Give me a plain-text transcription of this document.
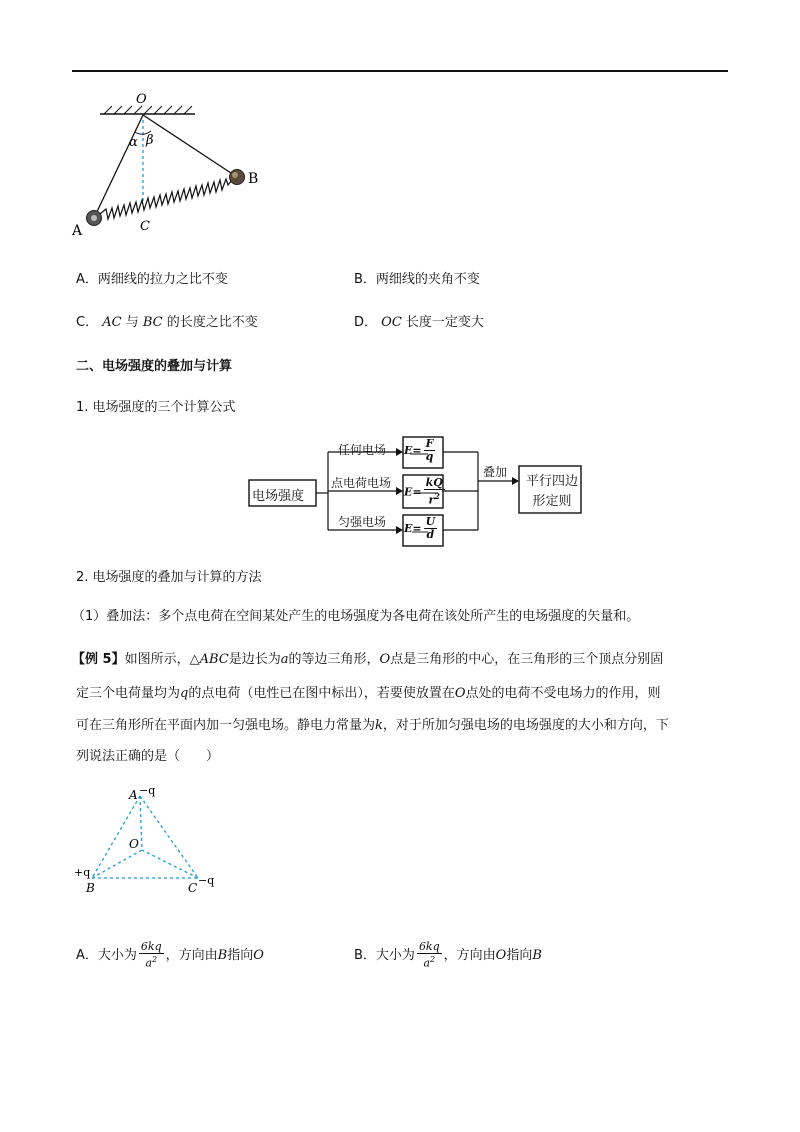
O
α β
A
B
C
A．两细线的拉力之比不变	B．两细线的夹角不变
C． AC 与 BC 的长度之比不变	D． OC 长度一定变大
二、电场强度的叠加与计算
1. 电场强度的三个计算公式
电场强度
任何电场
点电荷电场
匀强电场
叠加
平行四边
形定则
$E= \frac{F}{q}$
$E= \frac{kQ}{r^2}$
$E= \frac{U}{d}$
2. 电场强度的叠加与计算的方法
（1）叠加法：多个点电荷在空间某处产生的电场强度为各电荷在该处所产生的电场强度的矢量和。
【例 5】如图所示，△ABC是边长为a的等边三角形，O点是三角形的中心，在三角形的三个顶点分别固
定三个电荷量均为q的点电荷（电性已在图中标出），若要使放置在O点处的电荷不受电场力的作用，则
可在三角形所在平面内加一匀强电场。静电力常量为k，对于所加匀强电场的电场强度的大小和方向，下
列说法正确的是（　　）
A −q
O
+q
B	C
−q
A．大小为 $\frac{6kq}{a^2}$ ，方向由B指向O	B．大小为 $\frac{6kq}{a^2}$ ，方向由O指向B
